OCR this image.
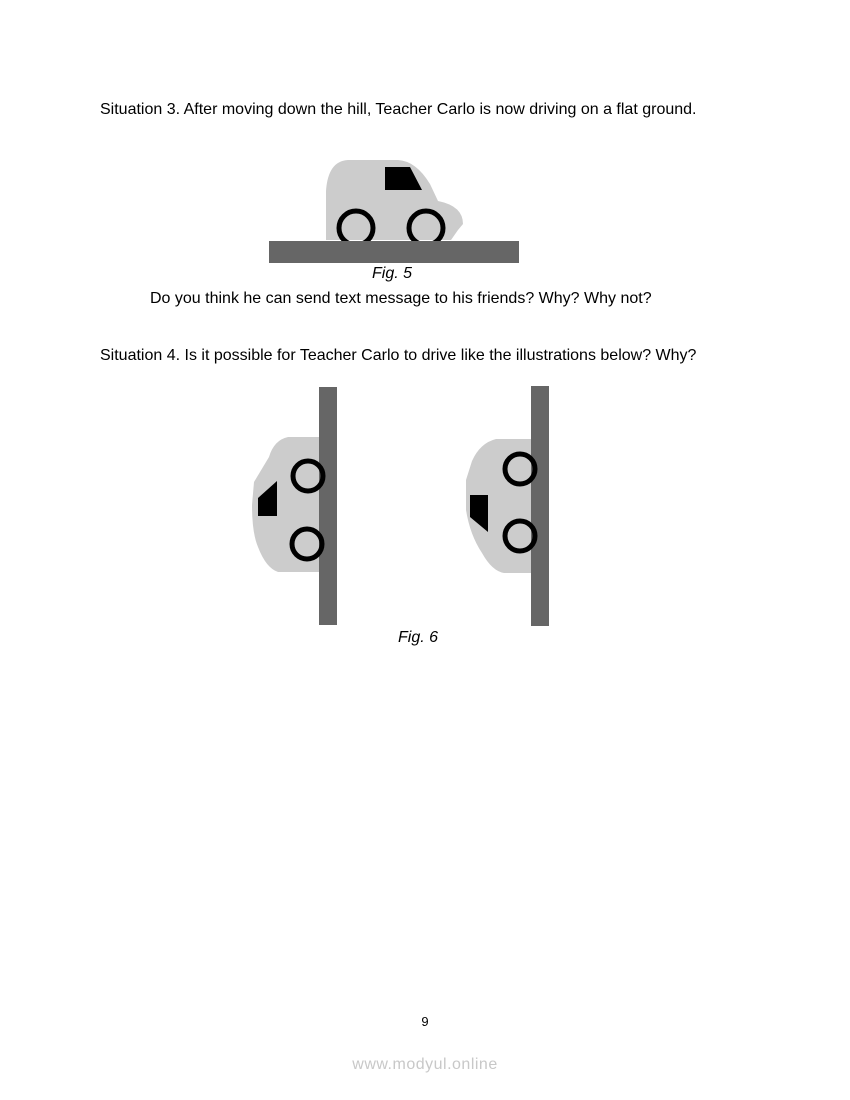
Situation 3. After moving down the hill, Teacher Carlo is now driving on a flat ground.
Fig. 5
Do you think he can send text message to his friends? Why? Why not?
Situation 4. Is it possible for Teacher Carlo to drive like the illustrations below? Why?
Fig. 6
9
www.modyul.online
